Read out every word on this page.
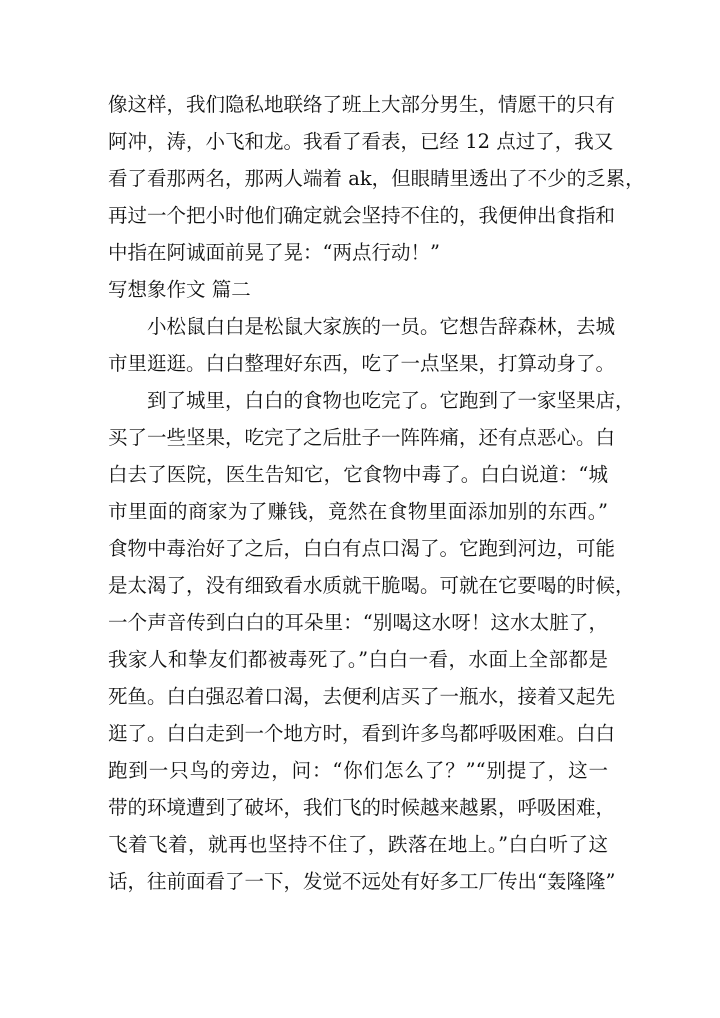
像这样，我们隐私地联络了班上大部分男生，情愿干的只有
阿冲，涛，小飞和龙。我看了看表，已经 12 点过了，我又
看了看那两名，那两人端着 ak，但眼睛里透出了不少的乏累，
再过一个把小时他们确定就会坚持不住的，我便伸出食指和
中指在阿诚面前晃了晃：“两点行动！”
写想象作文 篇二
小松鼠白白是松鼠大家族的一员。它想告辞森林，去城
市里逛逛。白白整理好东西，吃了一点坚果，打算动身了。
到了城里，白白的食物也吃完了。它跑到了一家坚果店，
买了一些坚果，吃完了之后肚子一阵阵痛，还有点恶心。白
白去了医院，医生告知它，它食物中毒了。白白说道：“城
市里面的商家为了赚钱，竟然在食物里面添加别的东西。”
食物中毒治好了之后，白白有点口渴了。它跑到河边，可能
是太渴了，没有细致看水质就干脆喝。可就在它要喝的时候，
一个声音传到白白的耳朵里：“别喝这水呀！这水太脏了，
我家人和挚友们都被毒死了。”白白一看，水面上全部都是
死鱼。白白强忍着口渴，去便利店买了一瓶水，接着又起先
逛了。白白走到一个地方时，看到许多鸟都呼吸困难。白白
跑到一只鸟的旁边，问：“你们怎么了？”“别提了，这一
带的环境遭到了破坏，我们飞的时候越来越累，呼吸困难，
飞着飞着，就再也坚持不住了，跌落在地上。”白白听了这
话，往前面看了一下，发觉不远处有好多工厂传出“轰隆隆”
